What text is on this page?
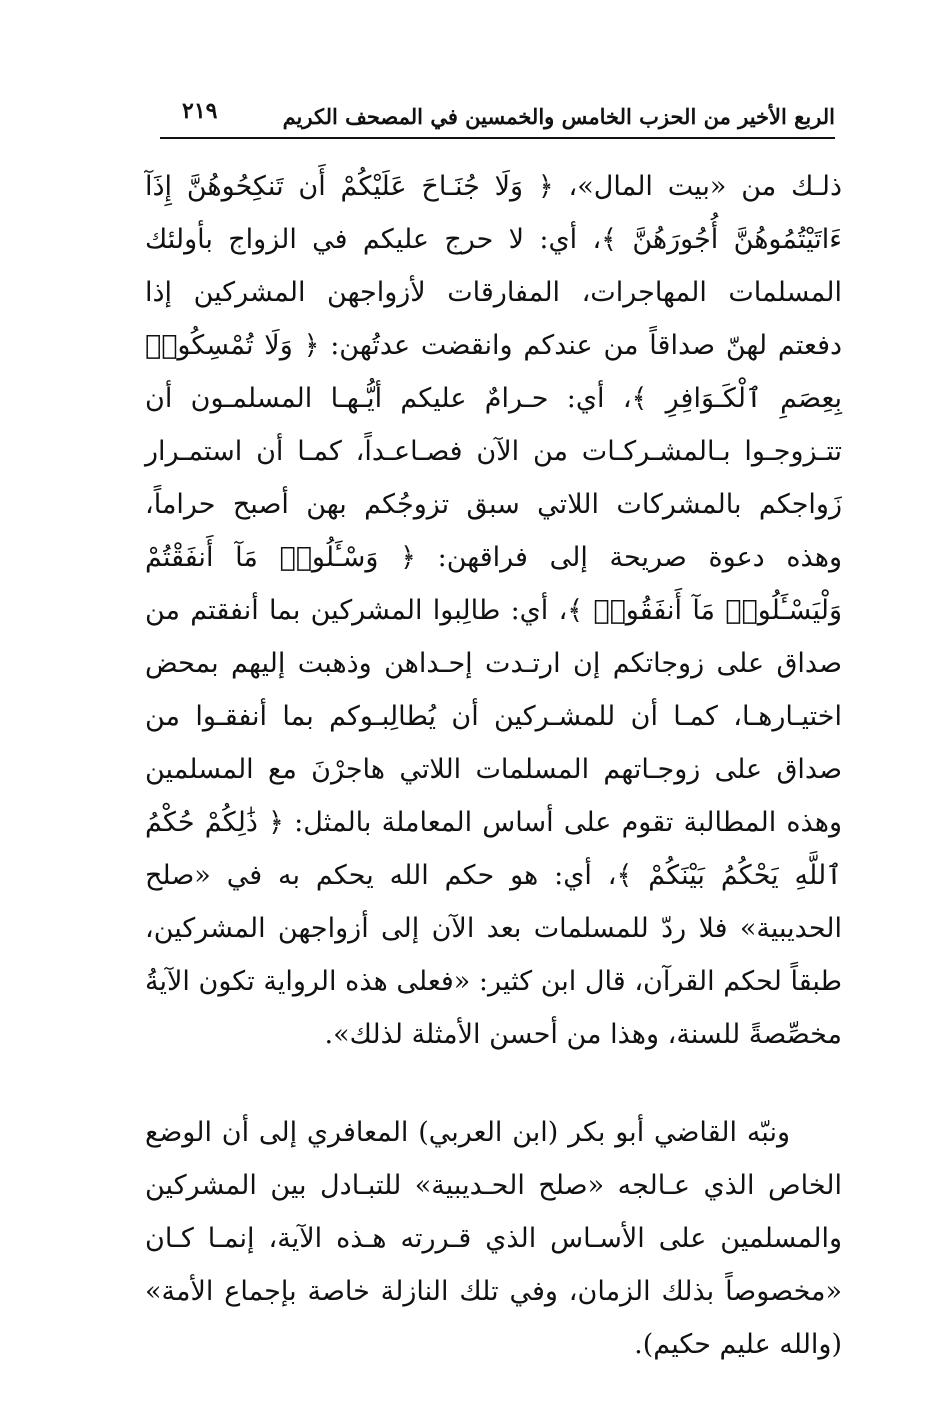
الربع الأخير من الحزب الخامس والخمسين في المصحف الكريم
٢١٩

ذلـك من «بيت المال»، ﴿ وَلَا جُنَـاحَ عَلَيْكُمْ أَن تَنكِحُوهُنَّ إِذَآ ءَاتَيْتُمُوهُنَّ أُجُورَهُنَّ ﴾، أي: لا حرج عليكم في الزواج بأولئك المسلمات المهاجرات، المفارقات لأزواجهن المشركين إذا دفعتم لهنّ صداقاً من عندكم وانقضت عدتُهن: ﴿ وَلَا تُمْسِكُوا۟ بِعِصَمِ ٱلْكَـوَافِرِ ﴾، أي: حـرامٌ عليكم أيُّـهـا المسلمـون أن تتـزوجـوا بـالمشـركـات من الآن فصـاعـداً، كمـا أن استمـرار زَواجكم بالمشركات اللاتي سبق تزوجُكم بهن أصبح حراماً، وهذه دعوة صريحة إلى فراقهن: ﴿ وَسْـَٔلُوا۟ مَآ أَنفَقْتُمْ وَلْيَسْـَٔلُوا۟ مَآ أَنفَقُوا۟ ﴾، أي: طالِبوا المشركين بما أنفقتم من صداق على زوجاتكم إن ارتـدت إحـداهن وذهبت إليهم بمحض اختيـارهـا، كمـا أن للمشـركين أن يُطالِبـوكم بما أنفقـوا من صداق على زوجـاتهم المسلمات اللاتي هاجرْنَ مع المسلمين وهذه المطالبة تقوم على أساس المعاملة بالمثل: ﴿ ذَٰلِكُمْ حُكْمُ ٱللَّهِ يَحْكُمُ بَيْنَكُمْ ﴾، أي: هو حكم الله يحكم به في «صلح الحديبية» فلا ردّ للمسلمات بعد الآن إلى أزواجهن المشركين، طبقاً لحكم القرآن، قال ابن كثير: «فعلى هذه الرواية تكون الآيةُ مخصِّصةً للسنة، وهذا من أحسن الأمثلة لذلك».

ونبّه القاضي أبو بكر (ابن العربي) المعافري إلى أن الوضع الخاص الذي عـالجه «صلح الحـديبية» للتبـادل بين المشركين والمسلمين على الأسـاس الذي قـررته هـذه الآية، إنمـا كـان «مخصوصاً بذلك الزمان، وفي تلك النازلة خاصة بإجماع الأمة» (والله عليم حكيم).
